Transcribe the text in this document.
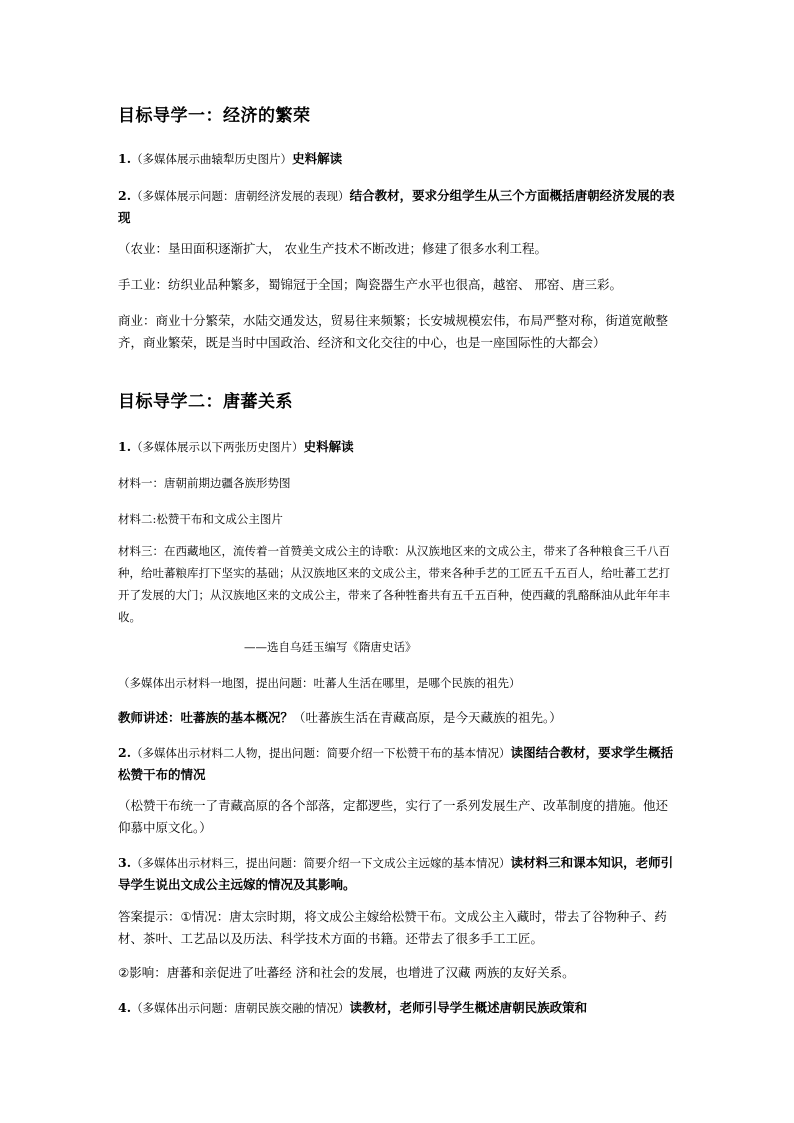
目标导学一：经济的繁荣

1.（多媒体展示曲辕犁历史图片）史料解读

2.（多媒体展示问题：唐朝经济发展的表现）结合教材，要求分组学生从三个方面概括唐朝经济发展的表现

（农业：垦田面积逐渐扩大， 农业生产技术不断改进；修建了很多水利工程。

手工业：纺织业品种繁多，蜀锦冠于全国；陶瓷器生产水平也很高，越窑、 邢窑、唐三彩。

商业：商业十分繁荣，水陆交通发达，贸易往来频繁；长安城规模宏伟，布局严整对称，街道宽敞整齐，商业繁荣，既是当时中国政治、经济和文化交往的中心，也是一座国际性的大都会）

目标导学二：唐蕃关系

1.（多媒体展示以下两张历史图片）史料解读

材料一：唐朝前期边疆各族形势图

材料二:松赞干布和文成公主图片

材料三：在西藏地区，流传着一首赞美文成公主的诗歌：从汉族地区来的文成公主，带来了各种粮食三千八百种，给吐蕃粮库打下坚实的基础；从汉族地区来的文成公主，带来各种手艺的工匠五千五百人，给吐蕃工艺打开了发展的大门；从汉族地区来的文成公主，带来了各种牲畜共有五千五百种，使西藏的乳酪酥油从此年年丰收。

——选自乌廷玉编写《隋唐史话》

（多媒体出示材料一地图，提出问题：吐蕃人生活在哪里，是哪个民族的祖先）

教师讲述：吐蕃族的基本概况？（吐蕃族生活在青藏高原，是今天藏族的祖先。）

2.（多媒体出示材料二人物，提出问题：简要介绍一下松赞干布的基本情况）读图结合教材，要求学生概括松赞干布的情况

（松赞干布统一了青藏高原的各个部落，定都逻些，实行了一系列发展生产、改革制度的措施。他还仰慕中原文化。）

3.（多媒体出示材料三，提出问题：简要介绍一下文成公主远嫁的基本情况）读材料三和课本知识，老师引导学生说出文成公主远嫁的情况及其影响。

答案提示：①情况：唐太宗时期，将文成公主嫁给松赞干布。文成公主入藏时，带去了谷物种子、药材、茶叶、工艺品以及历法、科学技术方面的书籍。还带去了很多手工工匠。

②影响：唐蕃和亲促进了吐蕃经 济和社会的发展，也增进了汉藏 两族的友好关系。

4.（多媒体出示问题：唐朝民族交融的情况）读教材，老师引导学生概述唐朝民族政策和
